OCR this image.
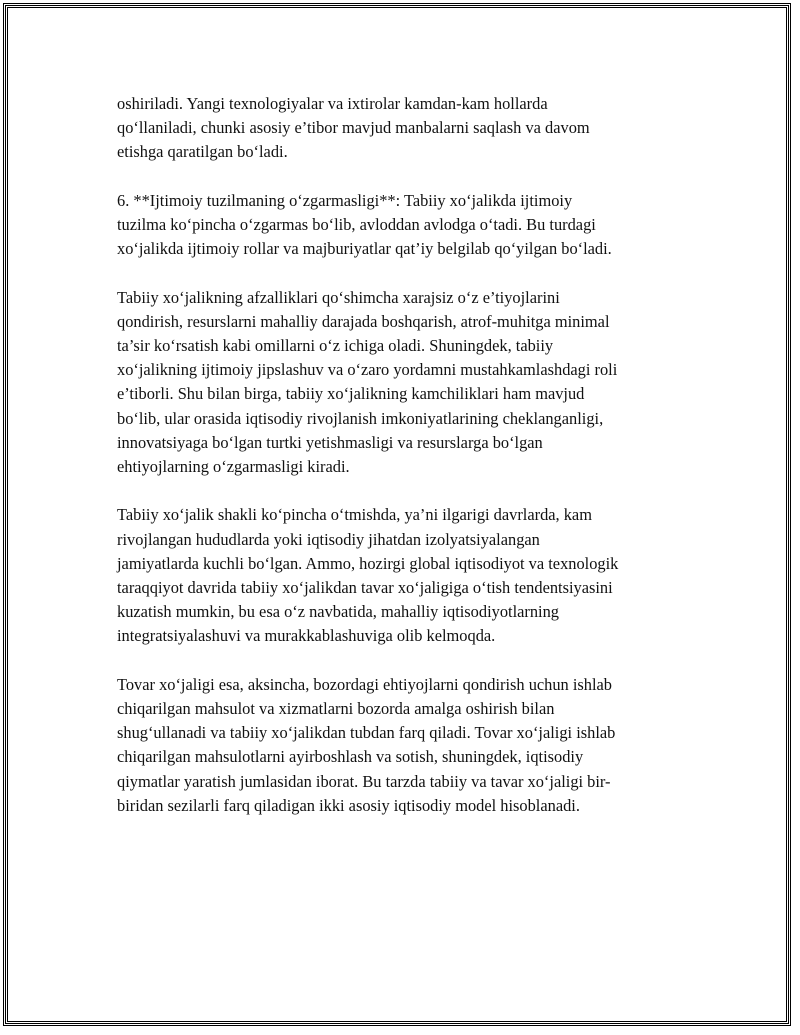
oshiriladi. Yangi texnologiyalar va ixtirolar kamdan-kam hollarda
qo‘llaniladi, chunki asosiy e’tibor mavjud manbalarni saqlash va davom
etishga qaratilgan bo‘ladi.

6. **Ijtimoiy tuzilmaning o‘zgarmasligi**: Tabiiy xo‘jalikda ijtimoiy
tuzilma ko‘pincha o‘zgarmas bo‘lib, avloddan avlodga o‘tadi. Bu turdagi
xo‘jalikda ijtimoiy rollar va majburiyatlar qat’iy belgilab qo‘yilgan bo‘ladi.

Tabiiy xo‘jalikning afzalliklari qo‘shimcha xarajsiz o‘z e’tiyojlarini
qondirish, resurslarni mahalliy darajada boshqarish, atrof-muhitga minimal
ta’sir ko‘rsatish kabi omillarni o‘z ichiga oladi. Shuningdek, tabiiy
xo‘jalikning ijtimoiy jipslashuv va o‘zaro yordamni mustahkamlashdagi roli
e’tiborli. Shu bilan birga, tabiiy xo‘jalikning kamchiliklari ham mavjud
bo‘lib, ular orasida iqtisodiy rivojlanish imkoniyatlarining cheklanganligi,
innovatsiyaga bo‘lgan turtki yetishmasligi va resurslarga bo‘lgan
ehtiyojlarning o‘zgarmasligi kiradi.

Tabiiy xo‘jalik shakli ko‘pincha o‘tmishda, ya’ni ilgarigi davrlarda, kam
rivojlangan hududlarda yoki iqtisodiy jihatdan izolyatsiyalangan
jamiyatlarda kuchli bo‘lgan. Ammo, hozirgi global iqtisodiyot va texnologik
taraqqiyot davrida tabiiy xo‘jalikdan tavar xo‘jaligiga o‘tish tendentsiyasini
kuzatish mumkin, bu esa o‘z navbatida, mahalliy iqtisodiyotlarning
integratsiyalashuvi va murakkablashuviga olib kelmoqda.

Tovar xo‘jaligi esa, aksincha, bozordagi ehtiyojlarni qondirish uchun ishlab
chiqarilgan mahsulot va xizmatlarni bozorda amalga oshirish bilan
shug‘ullanadi va tabiiy xo‘jalikdan tubdan farq qiladi. Tovar xo‘jaligi ishlab
chiqarilgan mahsulotlarni ayirboshlash va sotish, shuningdek, iqtisodiy
qiymatlar yaratish jumlasidan iborat. Bu tarzda tabiiy va tavar xo‘jaligi bir-
biridan sezilarli farq qiladigan ikki asosiy iqtisodiy model hisoblanadi.
